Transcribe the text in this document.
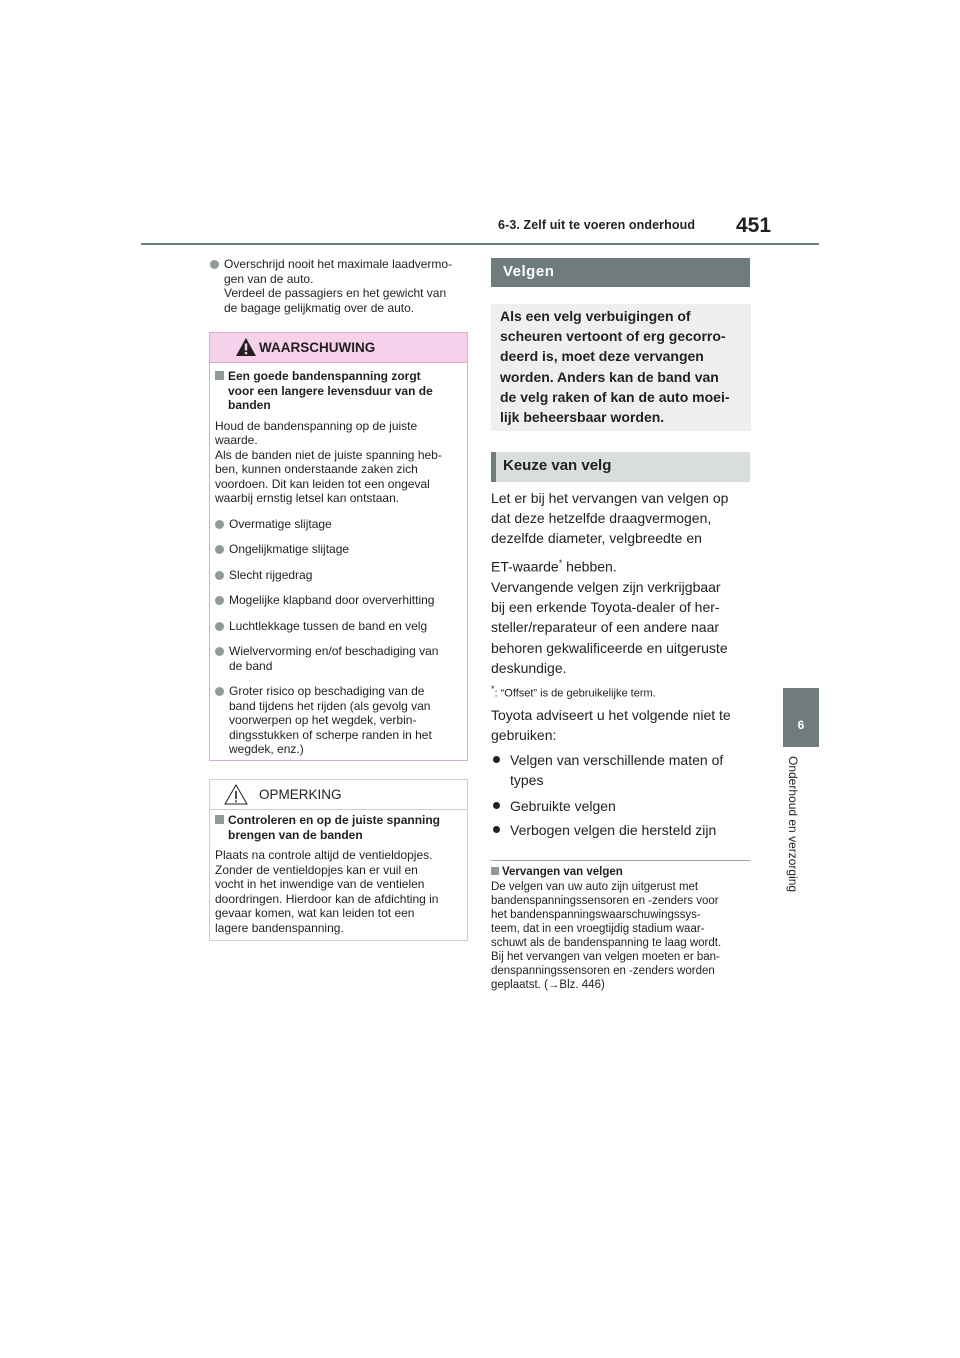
6-3. Zelf uit te voeren onderhoud 451
6
Onderhoud en verzorging
Overschrijd nooit het maximale laadvermo-
gen van de auto.
Verdeel de passagiers en het gewicht van
de bagage gelijkmatig over de auto.
WAARSCHUWING
Een goede bandenspanning zorgt
voor een langere levensduur van de
banden
Houd de bandenspanning op de juiste
waarde.
Als de banden niet de juiste spanning heb-
ben, kunnen onderstaande zaken zich
voordoen. Dit kan leiden tot een ongeval
waarbij ernstig letsel kan ontstaan.
Overmatige slijtage
Ongelijkmatige slijtage
Slecht rijgedrag
Mogelijke klapband door oververhitting
Luchtlekkage tussen de band en velg
Wielvervorming en/of beschadiging van
de band
Groter risico op beschadiging van de
band tijdens het rijden (als gevolg van
voorwerpen op het wegdek, verbin-
dingsstukken of scherpe randen in het
wegdek, enz.)
OPMERKING
Controleren en op de juiste spanning
brengen van de banden
Plaats na controle altijd de ventieldopjes.
Zonder de ventieldopjes kan er vuil en
vocht in het inwendige van de ventielen
doordringen. Hierdoor kan de afdichting in
gevaar komen, wat kan leiden tot een
lagere bandenspanning.
Velgen
Als een velg verbuigingen of
scheuren vertoont of erg gecorro-
deerd is, moet deze vervangen
worden. Anders kan de band van
de velg raken of kan de auto moei-
lijk beheersbaar worden.
Keuze van velg
Let er bij het vervangen van velgen op
dat deze hetzelfde draagvermogen,
dezelfde diameter, velgbreedte en
ET-waarde* hebben.
Vervangende velgen zijn verkrijgbaar
bij een erkende Toyota-dealer of her-
steller/reparateur of een andere naar
behoren gekwalificeerde en uitgeruste
deskundige.
*: “Offset” is de gebruikelijke term.
Toyota adviseert u het volgende niet te
gebruiken:
Velgen van verschillende maten of
types
Gebruikte velgen
Verbogen velgen die hersteld zijn
Vervangen van velgen
De velgen van uw auto zijn uitgerust met
bandenspanningssensoren en -zenders voor
het bandenspanningswaarschuwingssys-
teem, dat in een vroegtijdig stadium waar-
schuwt als de bandenspanning te laag wordt.
Bij het vervangen van velgen moeten er ban-
denspanningssensoren en -zenders worden
geplaatst. (→Blz. 446)
